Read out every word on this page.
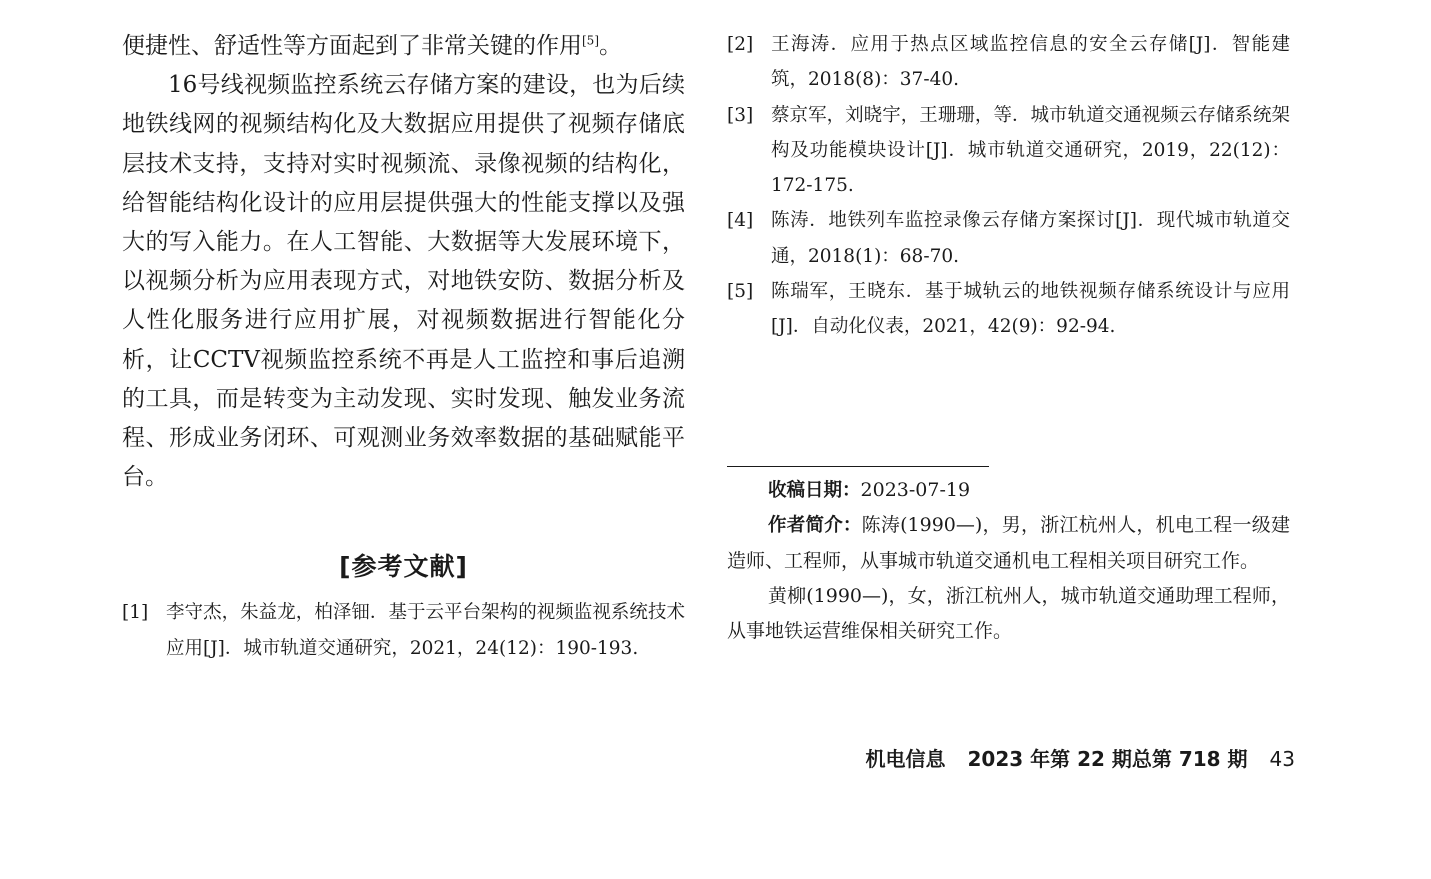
便捷性、舒适性等方面起到了非常关键的作用[5]。

16号线视频监控系统云存储方案的建设，也为后续地铁线网的视频结构化及大数据应用提供了视频存储底层技术支持，支持对实时视频流、录像视频的结构化，给智能结构化设计的应用层提供强大的性能支撑以及强大的写入能力。在人工智能、大数据等大发展环境下，以视频分析为应用表现方式，对地铁安防、数据分析及人性化服务进行应用扩展，对视频数据进行智能化分析，让CCTV视频监控系统不再是人工监控和事后追溯的工具，而是转变为主动发现、实时发现、触发业务流程、形成业务闭环、可观测业务效率数据的基础赋能平台。

[参考文献]
[1] 李守杰，朱益龙，柏泽钿．基于云平台架构的视频监视系统技术应用[J]．城市轨道交通研究，2021，24(12)：190-193.
[2] 王海涛．应用于热点区域监控信息的安全云存储[J]．智能建筑，2018(8)：37-40.
[3] 蔡京军，刘晓宇，王珊珊，等．城市轨道交通视频云存储系统架构及功能模块设计[J]．城市轨道交通研究，2019，22(12)：172-175.
[4] 陈涛．地铁列车监控录像云存储方案探讨[J]．现代城市轨道交通，2018(1)：68-70.
[5] 陈瑞军，王晓东．基于城轨云的地铁视频存储系统设计与应用[J]．自动化仪表，2021，42(9)：92-94.

收稿日期：2023-07-19

作者简介：陈涛(1990—)，男，浙江杭州人，机电工程一级建造师、工程师，从事城市轨道交通机电工程相关项目研究工作。

黄柳(1990—)，女，浙江杭州人，城市轨道交通助理工程师，从事地铁运营维保相关研究工作。

机电信息 2023 年第 22 期总第 718 期 43
